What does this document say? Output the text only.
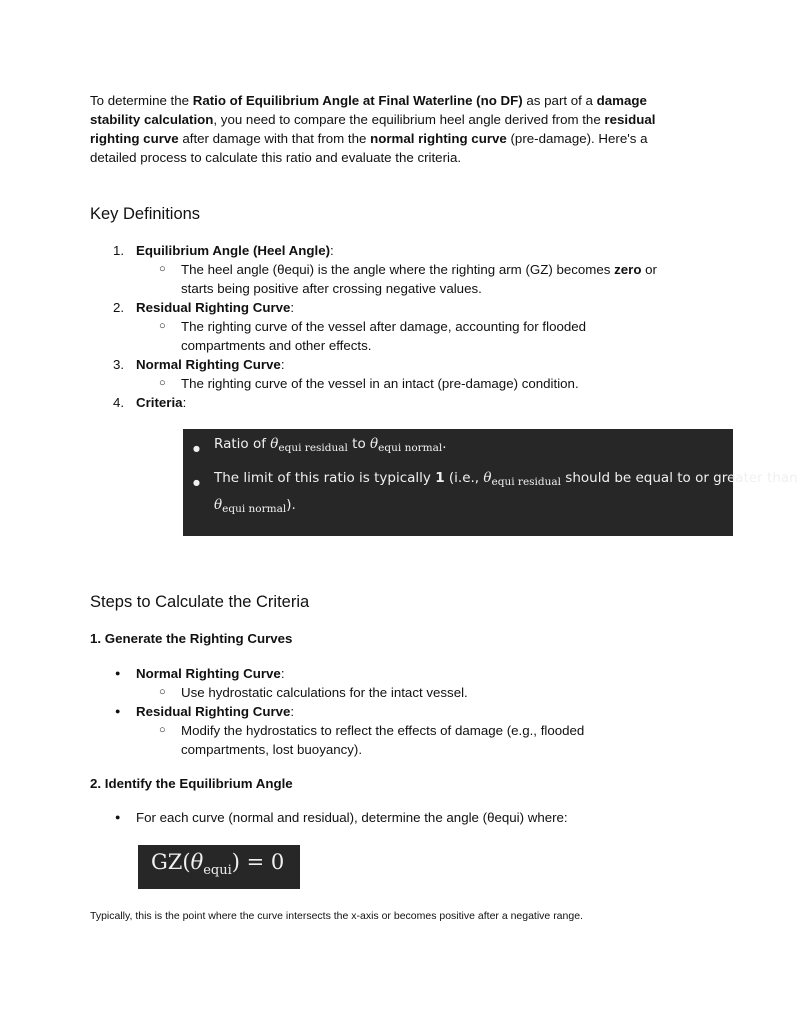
To determine the Ratio of Equilibrium Angle at Final Waterline (no DF) as part of a damage stability calculation, you need to compare the equilibrium heel angle derived from the residual righting curve after damage with that from the normal righting curve (pre-damage). Here's a detailed process to calculate this ratio and evaluate the criteria.

Key Definitions
Equilibrium Angle (Heel Angle):
○ The heel angle (θequi) is the angle where the righting arm (GZ) becomes zero or starts being positive after crossing negative values.
Residual Righting Curve:
○ The righting curve of the vessel after damage, accounting for flooded compartments and other effects.
Normal Righting Curve:
○ The righting curve of the vessel in an intact (pre-damage) condition.
Criteria:
● Ratio of $\theta_{equi residual}$ to $\theta_{equi normal}$.
● The limit of this ratio is typically 1 (i.e., $\theta_{equi residual}$ should be equal to or greater than
$\theta_{equi normal}$).
Steps to Calculate the Criteria
1. Generate the Righting Curves
● Normal Righting Curve:
○ Use hydrostatic calculations for the intact vessel.
● Residual Righting Curve:
○ Modify the hydrostatics to reflect the effects of damage (e.g., flooded compartments, lost buoyancy).
2. Identify the Equilibrium Angle
● For each curve (normal and residual), determine the angle (θequi) where:
$GZ(\theta_{equi}) = 0$

Typically, this is the point where the curve intersects the x-axis or becomes positive after a negative range.
